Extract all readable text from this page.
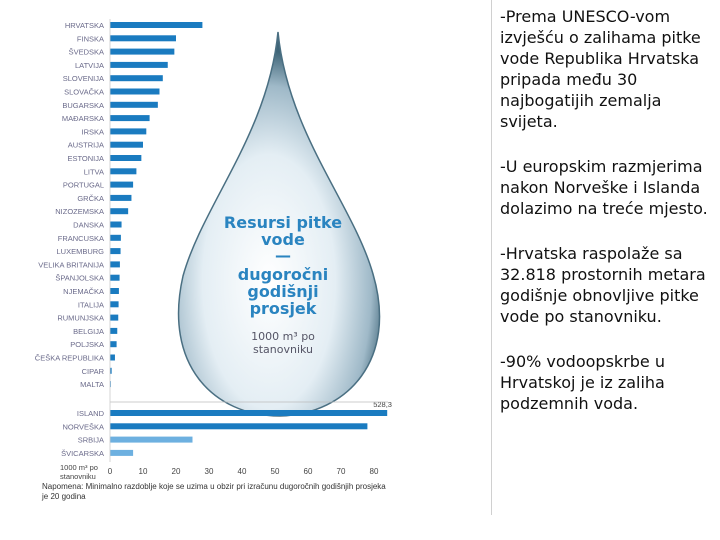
HRVATSKA
FINSKA
ŠVEDSKA
LATVIJA
SLOVENIJA
SLOVAČKA
BUGARSKA
MAĐARSKA
IRSKA
AUSTRIJA
ESTONIJA
LITVA
PORTUGAL
GRČKA
NIZOZEMSKA
DANSKA
FRANCUSKA
LUXEMBURG
VELIKA BRITANIJA
ŠPANJOLSKA
NJEMAČKA
ITALIJA
RUMUNJSKA
BELGIJA
POLJSKA
ČEŠKA REPUBLIKA
CIPAR
MALTA
ISLAND
NORVEŠKA
SRBIJA
ŠVICARSKA
528,3
0	10	20	30	40	50	60	70	80
1000 m³ po
stanovniku
Resursi pitke vode
—
dugoročni godišnji prosjek
1000 m³ po stanovniku
Napomena: Minimalno razdoblje koje se uzima u obzir pri izračunu dugoročnih godišnjih prosjeka je 20 godina

-Prema UNESCO-vom izvješću o zalihama pitke vode Republika Hrvatska pripada među 30 najbogatijih zemalja svijeta.

-U europskim razmjerima nakon Norveške i Islanda dolazimo na treće mjesto.

-Hrvatska raspolaže sa 32.818 prostornih metara godišnje obnovljive pitke vode po stanovniku.

-90% vodoopskrbe u Hrvatskoj je iz zaliha podzemnih voda.
